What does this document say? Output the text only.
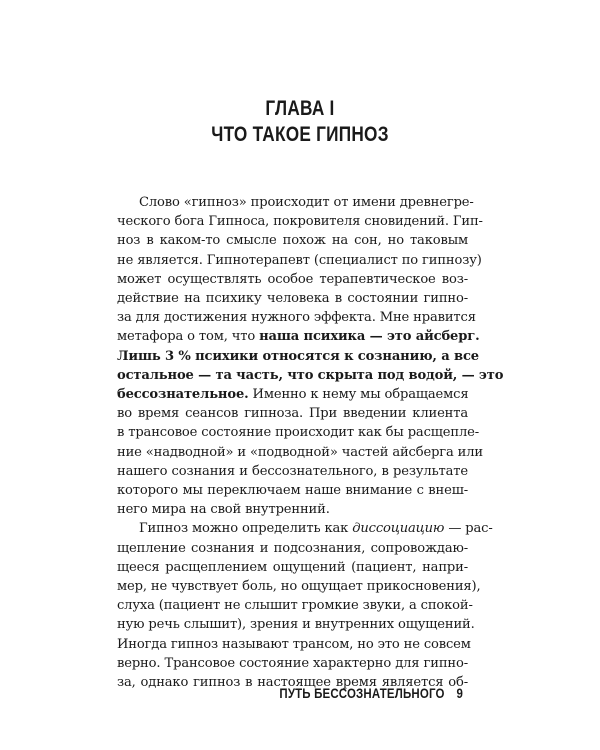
ГЛАВА I
ЧТО ТАКОЕ ГИПНОЗ

Слово «гипноз» происходит от имени древнегре-
ческого бога Гипноса, покровителя сновидений. Гип-
ноз в каком-то смысле похож на сон, но таковым
не является. Гипнотерапевт (специалист по гипнозу)
может осуществлять особое терапевтическое воз-
действие на психику человека в состоянии гипно-
за для достижения нужного эффекта. Мне нравится
метафора о том, что наша психика — это айсберг.
Лишь 3 % психики относятся к сознанию, а все
остальное — та часть, что скрыта под водой, — это
бессознательное. Именно к нему мы обращаемся
во время сеансов гипноза. При введении клиента
в трансовое состояние происходит как бы расщепле-
ние «надводной» и «подводной» частей айсберга или
нашего сознания и бессознательного, в результате
которого мы переключаем наше внимание с внеш-
него мира на свой внутренний.

Гипноз можно определить как диссоциацию — рас-
щепление сознания и подсознания, сопровождаю-
щееся расщеплением ощущений (пациент, напри-
мер, не чувствует боль, но ощущает прикосновения),
слуха (пациент не слышит громкие звуки, а спокой-
ную речь слышит), зрения и внутренних ощущений.
Иногда гипноз называют трансом, но это не совсем
верно. Трансовое состояние характерно для гипно-
за, однако гипноз в настоящее время является об-

ПУТЬ БЕССОЗНАТЕЛЬНОГО 9
